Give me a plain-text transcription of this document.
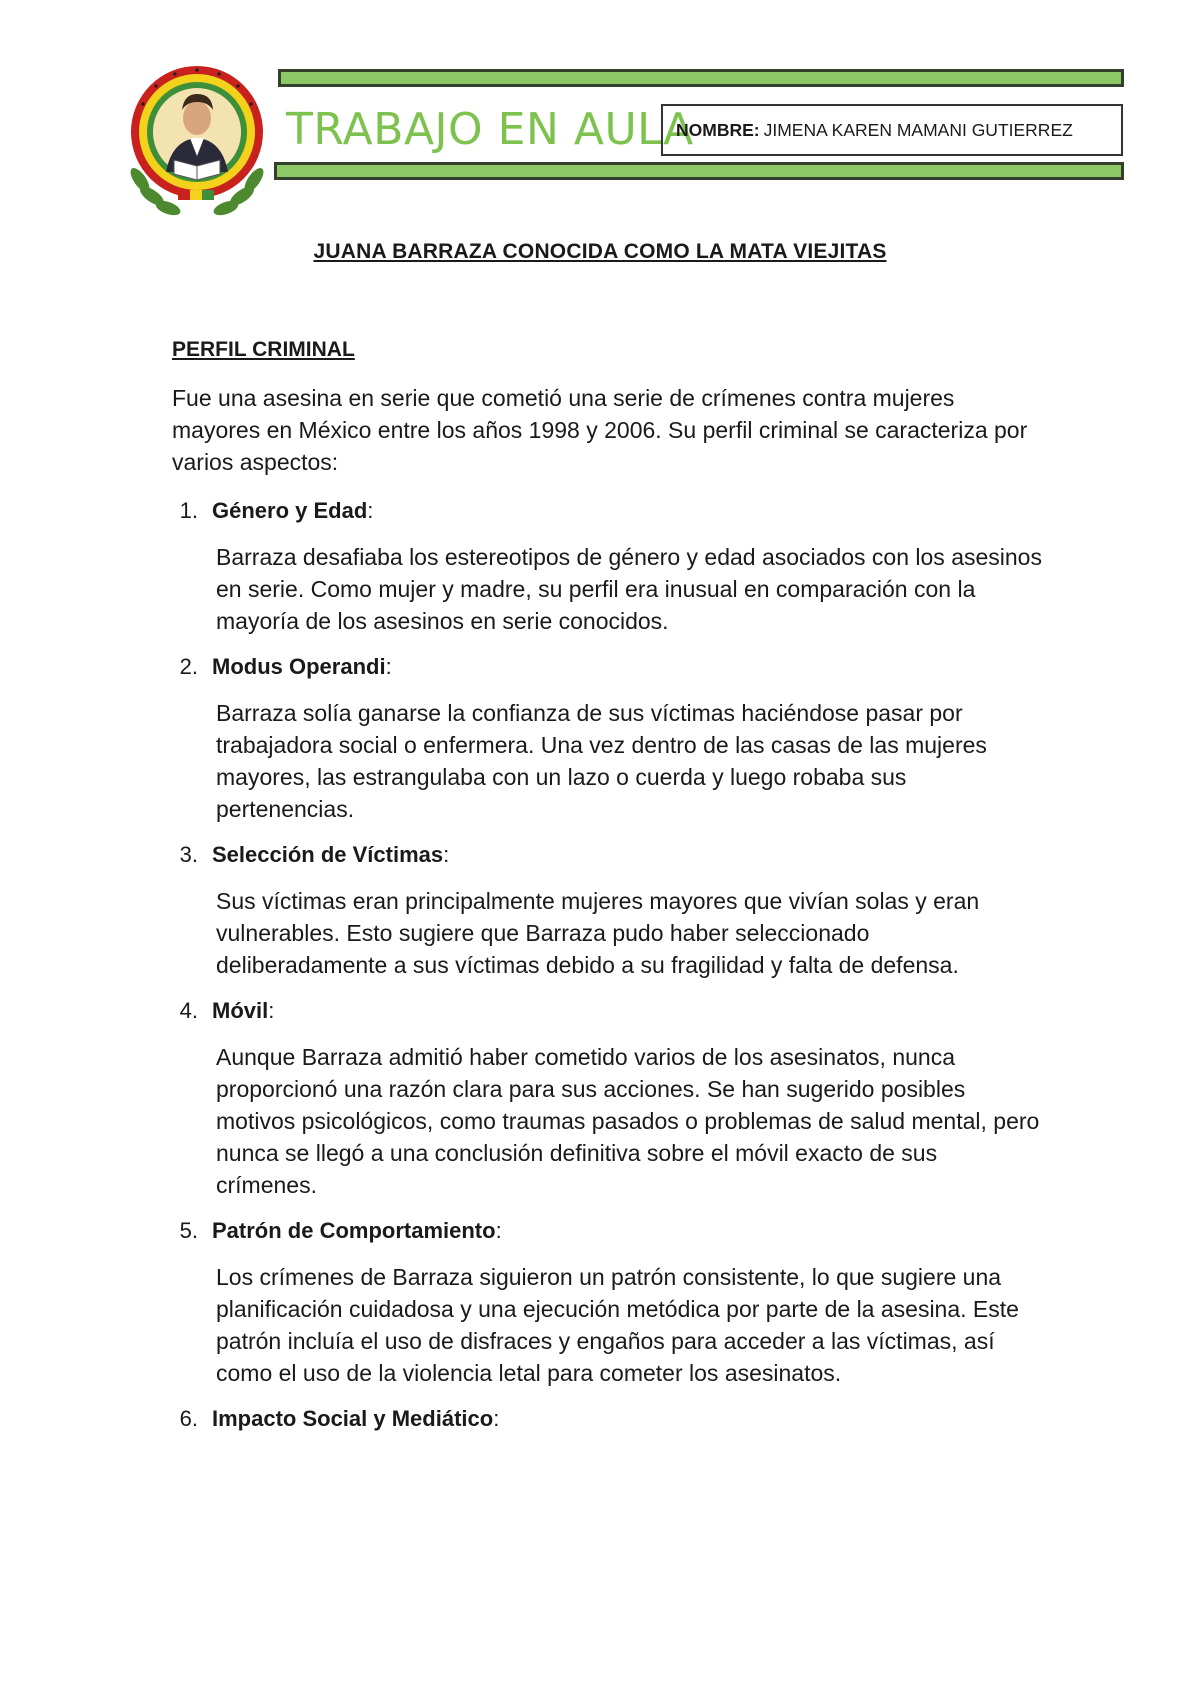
TRABAJO EN AULA
NOMBRE: JIMENA KAREN MAMANI GUTIERREZ
JUANA BARRAZA CONOCIDA COMO LA MATA VIEJITAS
PERFIL CRIMINAL

Fue una asesina en serie que cometió una serie de crímenes contra mujeres mayores en México entre los años 1998 y 2006. Su perfil criminal se caracteriza por varios aspectos:

1. Género y Edad :
Barraza desafiaba los estereotipos de género y edad asociados con los asesinos en serie. Como mujer y madre, su perfil era inusual en comparación con la mayoría de los asesinos en serie conocidos.
2. Modus Operandi :
Barraza solía ganarse la confianza de sus víctimas haciéndose pasar por trabajadora social o enfermera. Una vez dentro de las casas de las mujeres mayores, las estrangulaba con un lazo o cuerda y luego robaba sus pertenencias.
3. Selección de Víctimas :
Sus víctimas eran principalmente mujeres mayores que vivían solas y eran vulnerables. Esto sugiere que Barraza pudo haber seleccionado deliberadamente a sus víctimas debido a su fragilidad y falta de defensa.
4. Móvil :
Aunque Barraza admitió haber cometido varios de los asesinatos, nunca proporcionó una razón clara para sus acciones. Se han sugerido posibles motivos psicológicos, como traumas pasados o problemas de salud mental, pero nunca se llegó a una conclusión definitiva sobre el móvil exacto de sus crímenes.
5. Patrón de Comportamiento :
Los crímenes de Barraza siguieron un patrón consistente, lo que sugiere una planificación cuidadosa y una ejecución metódica por parte de la asesina. Este patrón incluía el uso de disfraces y engaños para acceder a las víctimas, así como el uso de la violencia letal para cometer los asesinatos.
6. Impacto Social y Mediático :
